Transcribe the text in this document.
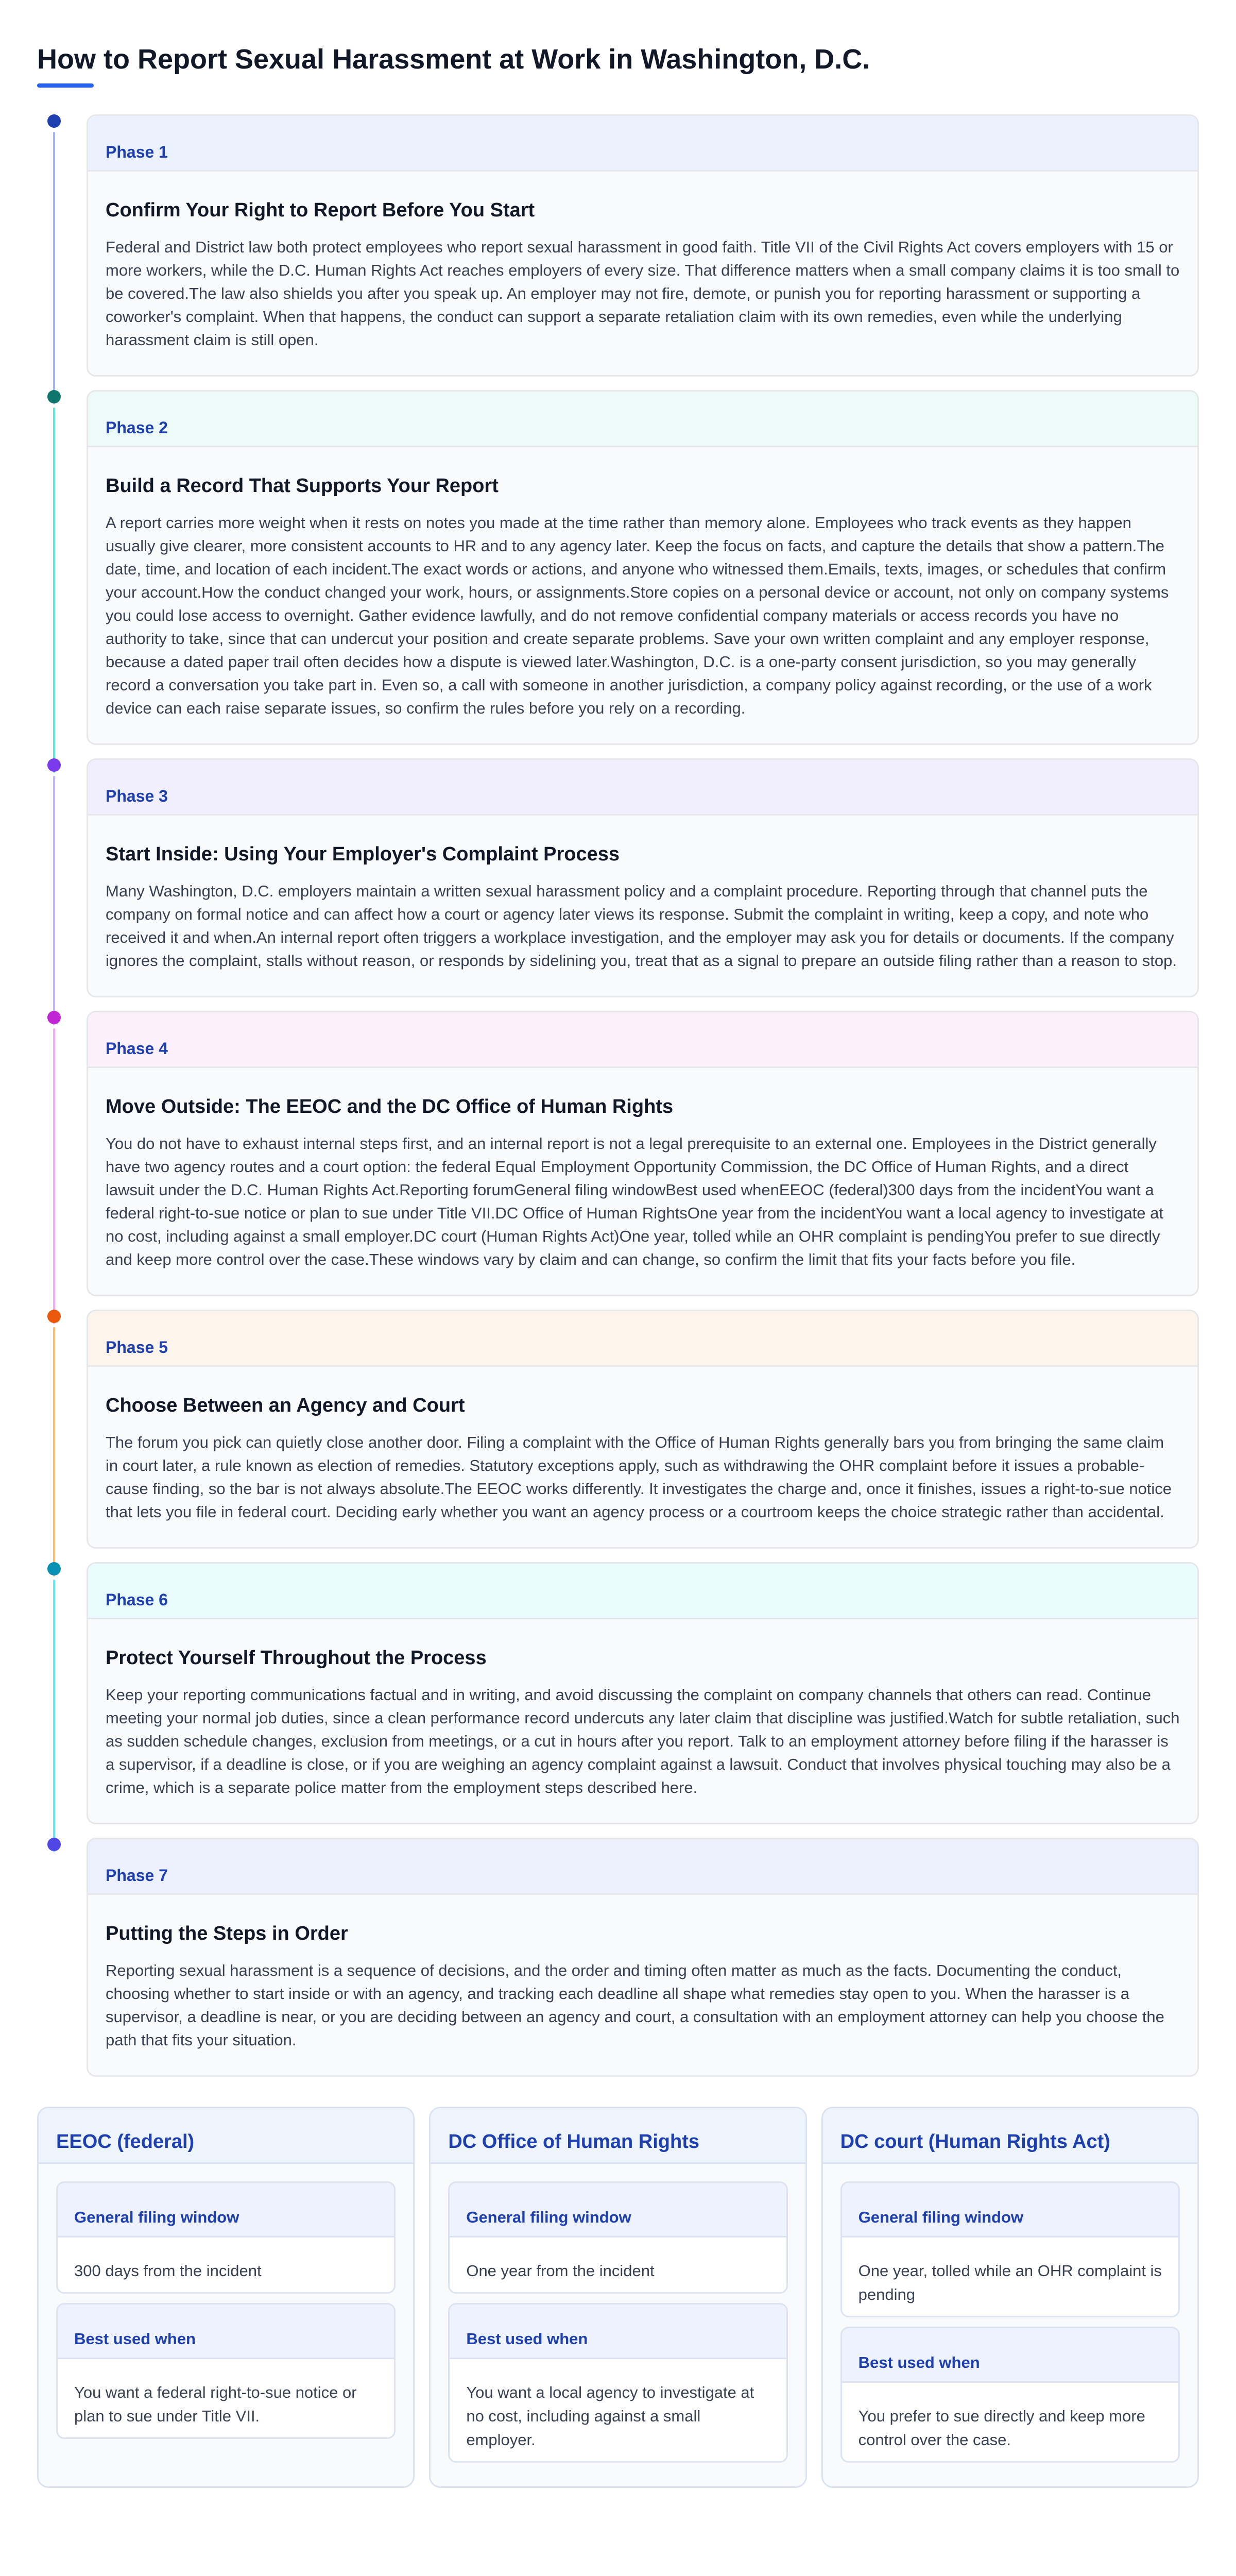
How to Report Sexual Harassment at Work in Washington, D.C.
Phase 1
Confirm Your Right to Report Before You Start

Federal and District law both protect employees who report sexual harassment in good faith. Title VII of the Civil Rights Act covers employers with 15 or more workers, while the D.C. Human Rights Act reaches employers of every size. That difference matters when a small company claims it is too small to be covered.The law also shields you after you speak up. An employer may not fire, demote, or punish you for reporting harassment or supporting a coworker's complaint. When that happens, the conduct can support a separate retaliation claim with its own remedies, even while the underlying harassment claim is still open.

Phase 2
Build a Record That Supports Your Report

A report carries more weight when it rests on notes you made at the time rather than memory alone. Employees who track events as they happen usually give clearer, more consistent accounts to HR and to any agency later. Keep the focus on facts, and capture the details that show a pattern.The date, time, and location of each incident.The exact words or actions, and anyone who witnessed them.Emails, texts, images, or schedules that confirm your account.How the conduct changed your work, hours, or assignments.Store copies on a personal device or account, not only on company systems you could lose access to overnight. Gather evidence lawfully, and do not remove confidential company materials or access records you have no authority to take, since that can undercut your position and create separate problems. Save your own written complaint and any employer response, because a dated paper trail often decides how a dispute is viewed later.Washington, D.C. is a one-party consent jurisdiction, so you may generally record a conversation you take part in. Even so, a call with someone in another jurisdiction, a company policy against recording, or the use of a work device can each raise separate issues, so confirm the rules before you rely on a recording.

Phase 3
Start Inside: Using Your Employer's Complaint Process

Many Washington, D.C. employers maintain a written sexual harassment policy and a complaint procedure. Reporting through that channel puts the company on formal notice and can affect how a court or agency later views its response. Submit the complaint in writing, keep a copy, and note who received it and when.An internal report often triggers a workplace investigation, and the employer may ask you for details or documents. If the company ignores the complaint, stalls without reason, or responds by sidelining you, treat that as a signal to prepare an outside filing rather than a reason to stop.

Phase 4
Move Outside: The EEOC and the DC Office of Human Rights

You do not have to exhaust internal steps first, and an internal report is not a legal prerequisite to an external one. Employees in the District generally have two agency routes and a court option: the federal Equal Employment Opportunity Commission, the DC Office of Human Rights, and a direct lawsuit under the D.C. Human Rights Act.Reporting forumGeneral filing windowBest used whenEEOC (federal)300 days from the incidentYou want a federal right-to-sue notice or plan to sue under Title VII.DC Office of Human RightsOne year from the incidentYou want a local agency to investigate at no cost, including against a small employer.DC court (Human Rights Act)One year, tolled while an OHR complaint is pendingYou prefer to sue directly and keep more control over the case.These windows vary by claim and can change, so confirm the limit that fits your facts before you file.

Phase 5
Choose Between an Agency and Court

The forum you pick can quietly close another door. Filing a complaint with the Office of Human Rights generally bars you from bringing the same claim in court later, a rule known as election of remedies. Statutory exceptions apply, such as withdrawing the OHR complaint before it issues a probable-cause finding, so the bar is not always absolute.The EEOC works differently. It investigates the charge and, once it finishes, issues a right-to-sue notice that lets you file in federal court. Deciding early whether you want an agency process or a courtroom keeps the choice strategic rather than accidental.

Phase 6
Protect Yourself Throughout the Process

Keep your reporting communications factual and in writing, and avoid discussing the complaint on company channels that others can read. Continue meeting your normal job duties, since a clean performance record undercuts any later claim that discipline was justified.Watch for subtle retaliation, such as sudden schedule changes, exclusion from meetings, or a cut in hours after you report. Talk to an employment attorney before filing if the harasser is a supervisor, if a deadline is close, or if you are weighing an agency complaint against a lawsuit. Conduct that involves physical touching may also be a crime, which is a separate police matter from the employment steps described here.

Phase 7
Putting the Steps in Order

Reporting sexual harassment is a sequence of decisions, and the order and timing often matter as much as the facts. Documenting the conduct, choosing whether to start inside or with an agency, and tracking each deadline all shape what remedies stay open to you. When the harasser is a supervisor, a deadline is near, or you are deciding between an agency and court, a consultation with an employment attorney can help you choose the path that fits your situation.

EEOC (federal)
General filing window
300 days from the incident
Best used when
You want a federal right-to-sue notice or plan to sue under Title VII.
DC Office of Human Rights
General filing window
One year from the incident
Best used when
You want a local agency to investigate at no cost, including against a small employer.
DC court (Human Rights Act)
General filing window
One year, tolled while an OHR complaint is pending
Best used when
You prefer to sue directly and keep more control over the case.
